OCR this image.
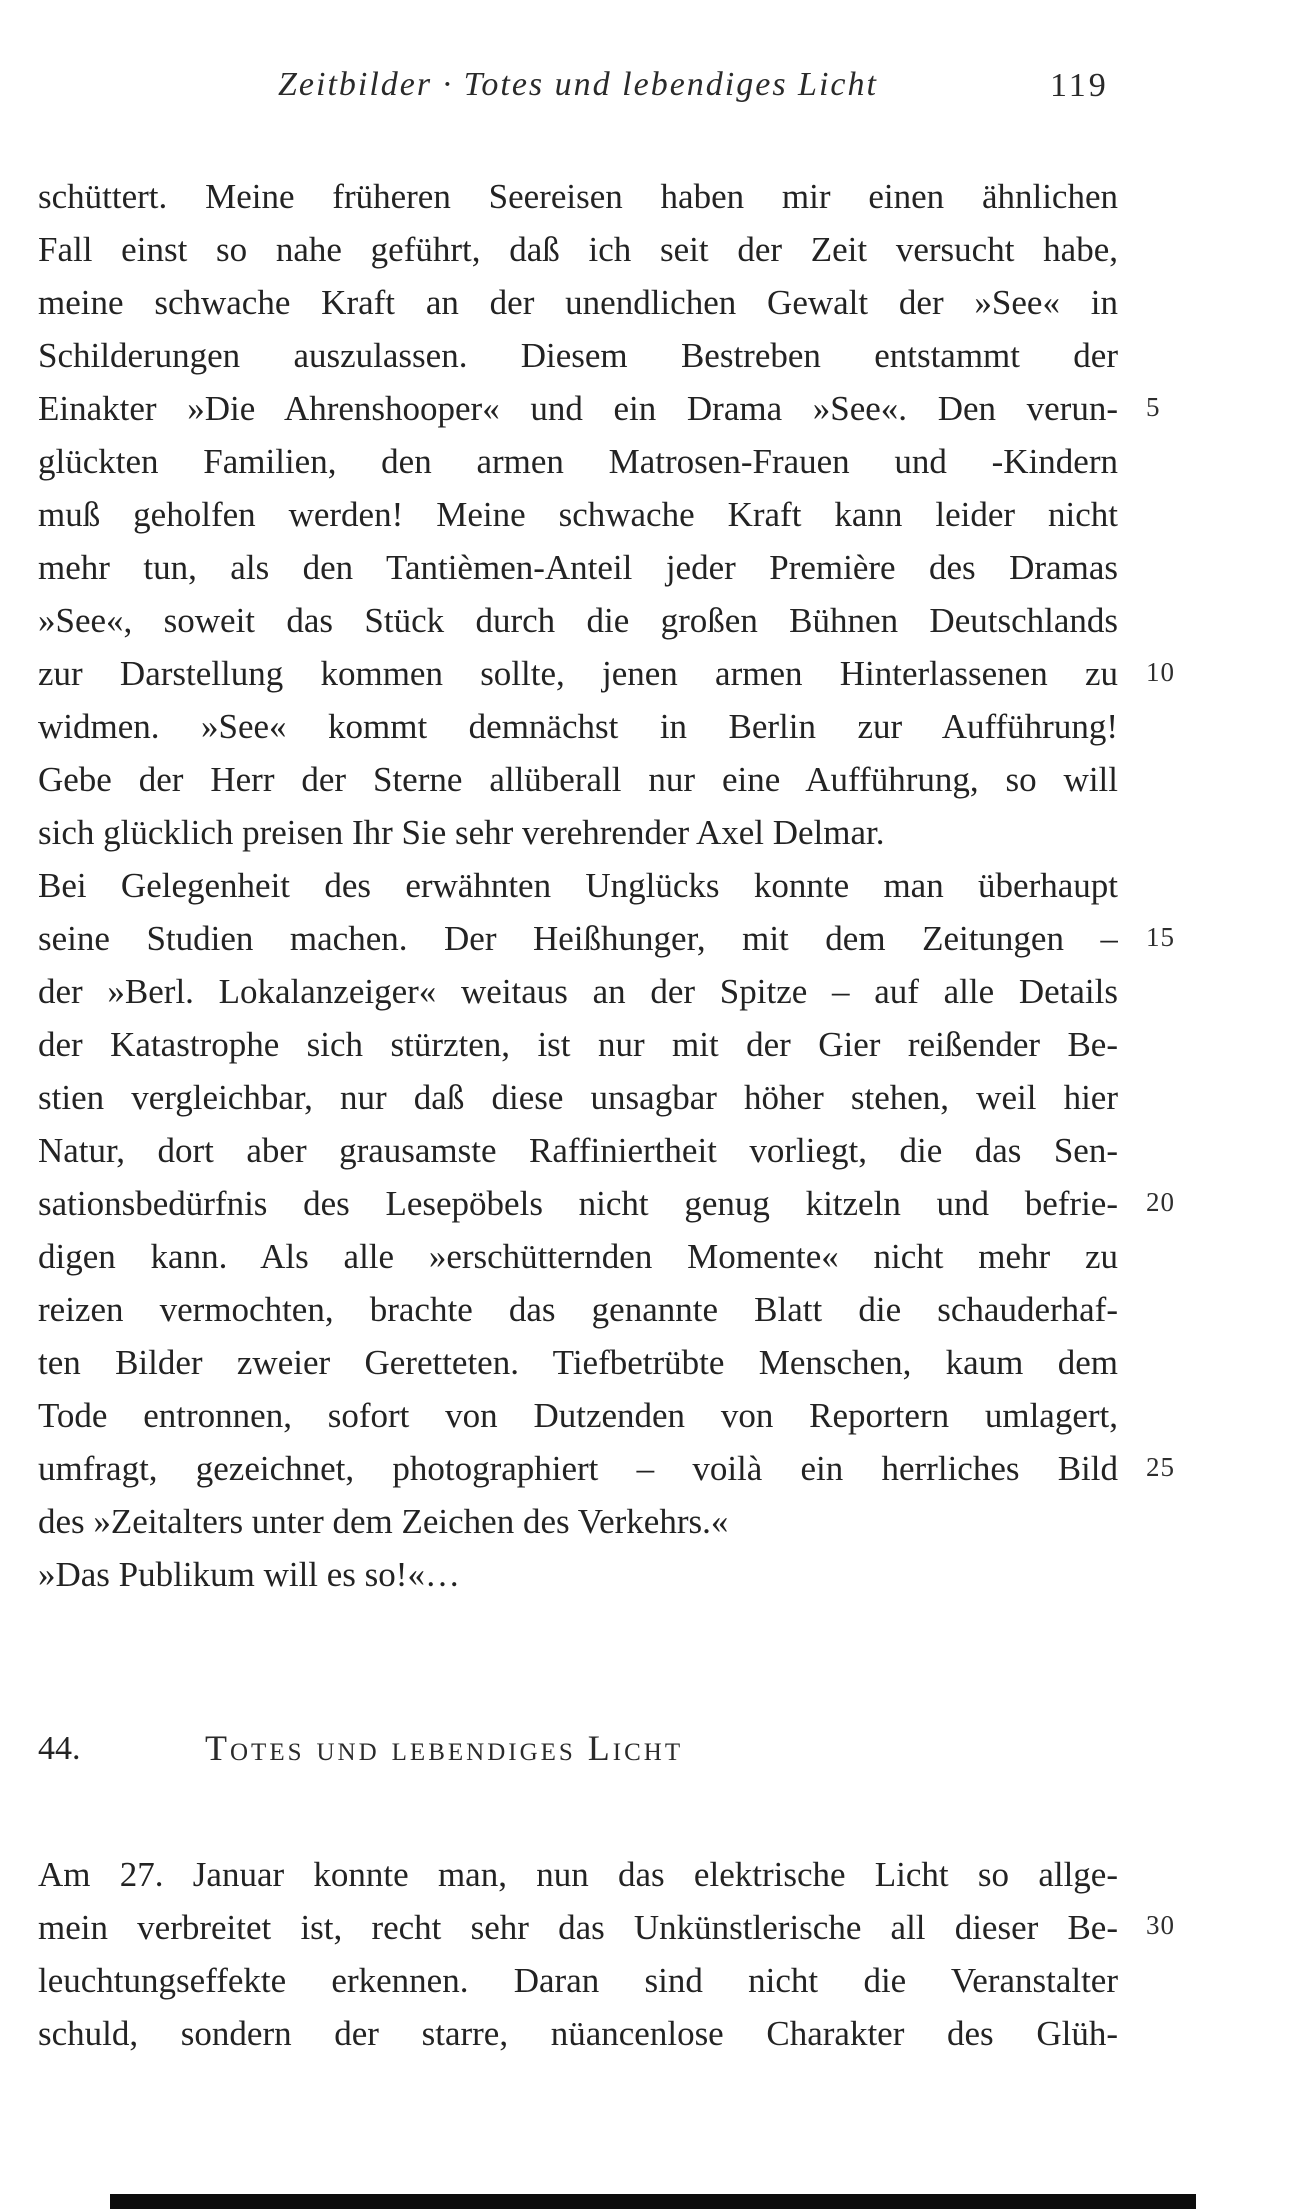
Zeitbilder · Totes und lebendiges Licht	119
schüttert. Meine früheren Seereisen haben mir einen ähnlichen
Fall einst so nahe geführt, daß ich seit der Zeit versucht habe,
meine schwache Kraft an der unendlichen Gewalt der »See« in
Schilderungen auszulassen. Diesem Bestreben entstammt der
Einakter »Die Ahrenshooper« und ein Drama »See«. Den verun-
glückten Familien, den armen Matrosen-Frauen und -Kindern
muß geholfen werden! Meine schwache Kraft kann leider nicht
mehr tun, als den Tantièmen-Anteil jeder Première des Dramas
»See«, soweit das Stück durch die großen Bühnen Deutschlands
zur Darstellung kommen sollte, jenen armen Hinterlassenen zu
widmen. »See« kommt demnächst in Berlin zur Aufführung!
Gebe der Herr der Sterne allüberall nur eine Aufführung, so will
sich glücklich preisen Ihr Sie sehr verehrender Axel Delmar.
Bei Gelegenheit des erwähnten Unglücks konnte man überhaupt
seine Studien machen. Der Heißhunger, mit dem Zeitungen –
der »Berl. Lokalanzeiger« weitaus an der Spitze – auf alle Details
der Katastrophe sich stürzten, ist nur mit der Gier reißender Be-
stien vergleichbar, nur daß diese unsagbar höher stehen, weil hier
Natur, dort aber grausamste Raffiniertheit vorliegt, die das Sen-
sationsbedürfnis des Lesepöbels nicht genug kitzeln und befrie-
digen kann. Als alle »erschütternden Momente« nicht mehr zu
reizen vermochten, brachte das genannte Blatt die schauderhaf-
ten Bilder zweier Geretteten. Tiefbetrübte Menschen, kaum dem
Tode entronnen, sofort von Dutzenden von Reportern umlagert,
umfragt, gezeichnet, photographiert – voilà ein herrliches Bild
des »Zeitalters unter dem Zeichen des Verkehrs.«
»Das Publikum will es so!«…
5
10
15
20
25
30
44.	Totes und lebendiges Licht
Am 27. Januar konnte man, nun das elektrische Licht so allge-
mein verbreitet ist, recht sehr das Unkünstlerische all dieser Be-
leuchtungseffekte erkennen. Daran sind nicht die Veranstalter
schuld, sondern der starre, nüancenlose Charakter des Glüh-
